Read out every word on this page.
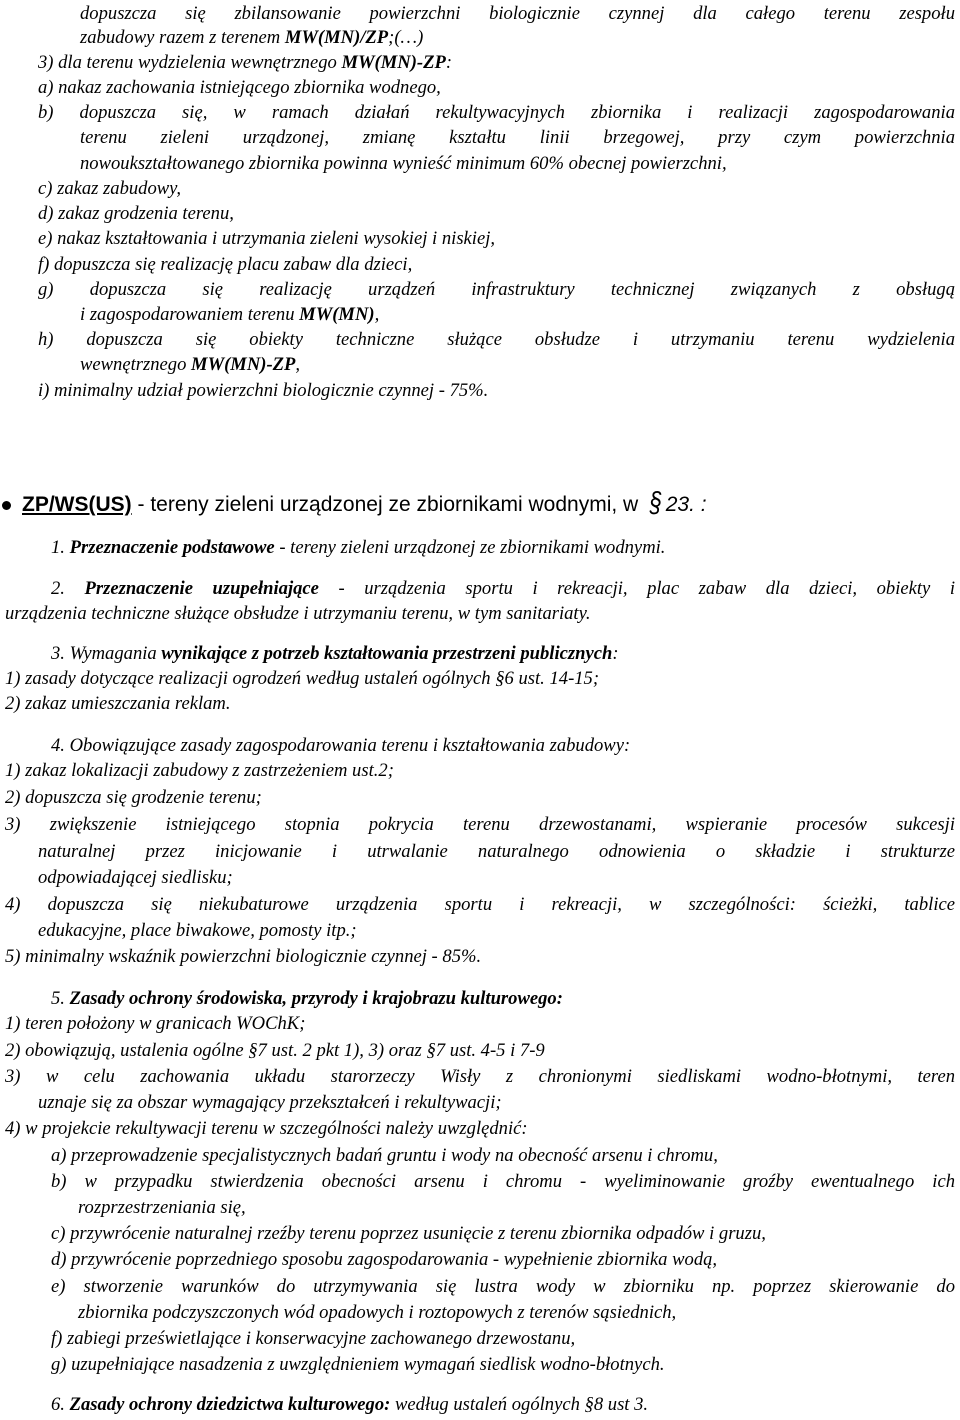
dopuszcza się zbilansowanie powierzchni biologicznie czynnej dla całego terenu zespołu
zabudowy razem z terenem MW(MN)/ZP;(…)
3) dla terenu wydzielenia wewnętrznego MW(MN)-ZP:
a) nakaz zachowania istniejącego zbiornika wodnego,
b) dopuszcza się, w ramach działań rekultywacyjnych zbiornika i realizacji zagospodarowania
terenu zieleni urządzonej, zmianę kształtu linii brzegowej, przy czym powierzchnia
nowoukształtowanego zbiornika powinna wynieść minimum 60% obecnej powierzchni,
c) zakaz zabudowy,
d) zakaz grodzenia terenu,
e) nakaz kształtowania i utrzymania zieleni wysokiej i niskiej,
f) dopuszcza się realizację placu zabaw dla dzieci,
g) dopuszcza się realizację urządzeń infrastruktury technicznej związanych z obsługą
i zagospodarowaniem terenu MW(MN),
h) dopuszcza się obiekty techniczne służące obsłudze i utrzymaniu terenu wydzielenia
wewnętrznego MW(MN)-ZP,
i) minimalny udział powierzchni biologicznie czynnej - 75%.
ZP/WS(US) - tereny zieleni urządzonej ze zbiornikami wodnymi, w § 23. :
1. Przeznaczenie podstawowe - tereny zieleni urządzonej ze zbiornikami wodnymi.
2. Przeznaczenie uzupełniające - urządzenia sportu i rekreacji, plac zabaw dla dzieci, obiekty i
urządzenia techniczne służące obsłudze i utrzymaniu terenu, w tym sanitariaty.
3. Wymagania wynikające z potrzeb kształtowania przestrzeni publicznych:
1) zasady dotyczące realizacji ogrodzeń według ustaleń ogólnych §6 ust. 14-15;
2) zakaz umieszczania reklam.
4. Obowiązujące zasady zagospodarowania terenu i kształtowania zabudowy:
1) zakaz lokalizacji zabudowy z zastrzeżeniem ust.2;
2) dopuszcza się grodzenie terenu;
3) zwiększenie istniejącego stopnia pokrycia terenu drzewostanami, wspieranie procesów sukcesji
naturalnej przez inicjowanie i utrwalanie naturalnego odnowienia o składzie i strukturze
odpowiadającej siedlisku;
4) dopuszcza się niekubaturowe urządzenia sportu i rekreacji, w szczególności: ścieżki, tablice
edukacyjne, place biwakowe, pomosty itp.;
5) minimalny wskaźnik powierzchni biologicznie czynnej - 85%.
5. Zasady ochrony środowiska, przyrody i krajobrazu kulturowego:
1) teren położony w granicach WOChK;
2) obowiązują, ustalenia ogólne §7 ust. 2 pkt 1), 3) oraz §7 ust. 4-5 i 7-9
3) w celu zachowania układu starorzeczy Wisły z chronionymi siedliskami wodno-błotnymi, teren
uznaje się za obszar wymagający przekształceń i rekultywacji;
4) w projekcie rekultywacji terenu w szczególności należy uwzględnić:
a) przeprowadzenie specjalistycznych badań gruntu i wody na obecność arsenu i chromu,
b) w przypadku stwierdzenia obecności arsenu i chromu - wyeliminowanie groźby ewentualnego ich
rozprzestrzeniania się,
c) przywrócenie naturalnej rzeźby terenu poprzez usunięcie z terenu zbiornika odpadów i gruzu,
d) przywrócenie poprzedniego sposobu zagospodarowania - wypełnienie zbiornika wodą,
e) stworzenie warunków do utrzymywania się lustra wody w zbiorniku np. poprzez skierowanie do
zbiornika podczyszczonych wód opadowych i roztopowych z terenów sąsiednich,
f) zabiegi prześwietlające i konserwacyjne zachowanego drzewostanu,
g) uzupełniające nasadzenia z uwzględnieniem wymagań siedlisk wodno-błotnych.
6. Zasady ochrony dziedzictwa kulturowego: według ustaleń ogólnych §8 ust 3.
